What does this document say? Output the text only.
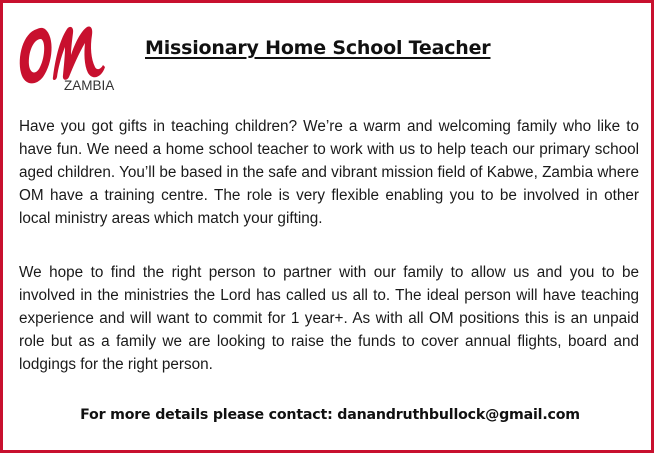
ZAMBIA
Missionary Home School Teacher

Have you got gifts in teaching children? We’re a warm and welcoming family who like to have fun. We need a home school teacher to work with us to help teach our primary school aged children. You’ll be based in the safe and vibrant mission field of Kabwe, Zambia where OM have a training centre. The role is very flexible enabling you to be involved in other local ministry areas which match your gifting.

We hope to find the right person to partner with our family to allow us and you to be involved in the ministries the Lord has called us all to. The ideal person will have teaching experience and will want to commit for 1 year+. As with all OM positions this is an unpaid role but as a family we are looking to raise the funds to cover annual flights, board and lodgings for the right person.

For more details please contact: danandruthbullock@gmail.com
